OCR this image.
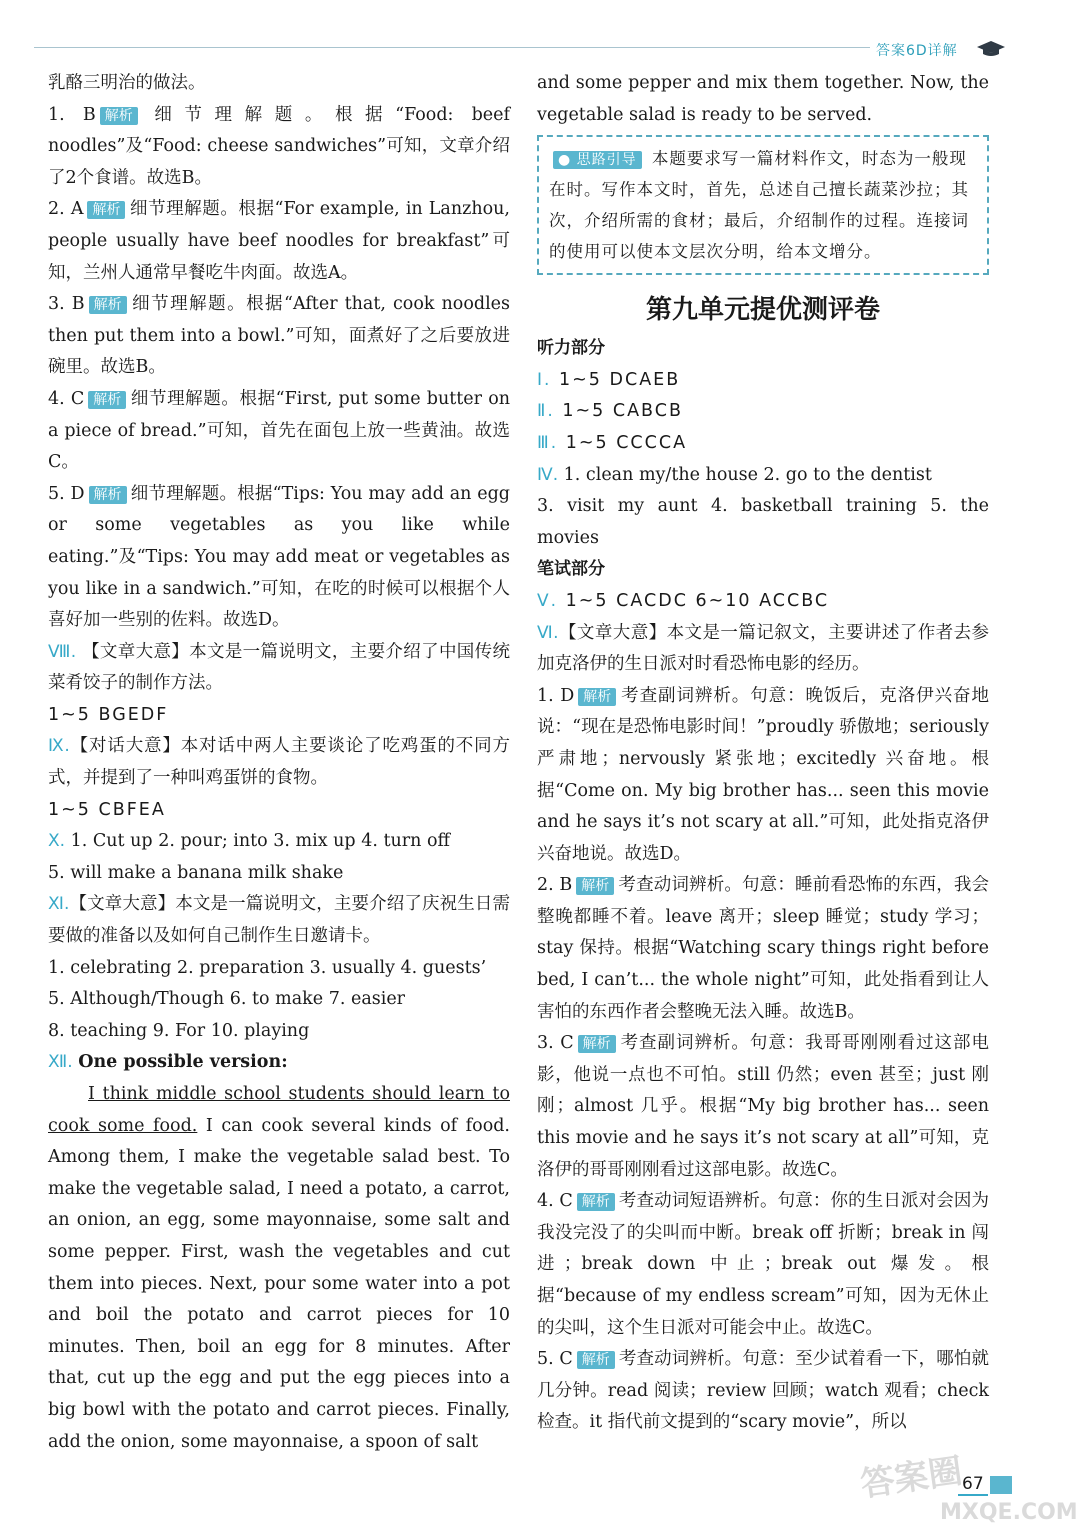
答案6D详解

乳酪三明治的做法。

1. B 解析 细节理解题。根据“Food: beef noodles”及“Food: cheese sandwiches”可知，文章介绍了2个食谱。故选B。

2. A 解析 细节理解题。根据“For example, in Lanzhou, people usually have beef noodles for breakfast”可知，兰州人通常早餐吃牛肉面。故选A。

3. B 解析 细节理解题。根据“After that, cook noodles then put them into a bowl.”可知，面煮好了之后要放进碗里。故选B。

4. C 解析 细节理解题。根据“First, put some butter on a piece of bread.”可知，首先在面包上放一些黄油。故选C。

5. D 解析 细节理解题。根据“Tips: You may add an egg or some vegetables as you like while eating.”及“Tips: You may add meat or vegetables as you like in a sandwich.”可知，在吃的时候可以根据个人喜好加一些别的佐料。故选D。

Ⅷ. 【文章大意】本文是一篇说明文，主要介绍了中国传统菜肴饺子的制作方法。

1~5 BGEDF

Ⅸ.【对话大意】本对话中两人主要谈论了吃鸡蛋的不同方式，并提到了一种叫鸡蛋饼的食物。

1~5 CBFEA

Ⅹ. 1. Cut up 2. pour; into 3. mix up 4. turn off

5. will make a banana milk shake

Ⅺ.【文章大意】本文是一篇说明文，主要介绍了庆祝生日需要做的准备以及如何自己制作生日邀请卡。

1. celebrating 2. preparation 3. usually 4. guests’

5. Although/Though 6. to make 7. easier

8. teaching 9. For 10. playing

Ⅻ. One possible version:

I think middle school students should learn to cook some food. I can cook several kinds of food. Among them, I make the vegetable salad best. To make the vegetable salad, I need a potato, a carrot, an onion, an egg, some mayonnaise, some salt and some pepper. First, wash the vegetables and cut them into pieces. Next, pour some water into a pot and boil the potato and carrot pieces for 10 minutes. Then, boil an egg for 8 minutes. After that, cut up the egg and put the egg pieces into a big bowl with the potato and carrot pieces. Finally, add the onion, some mayonnaise, a spoon of salt

and some pepper and mix them together. Now, the vegetable salad is ready to be served.

● 思路引导 本题要求写一篇材料作文，时态为一般现在时。写作本文时，首先，总述自己擅长蔬菜沙拉；其次，介绍所需的食材；最后，介绍制作的过程。连接词的使用可以使本文层次分明，给本文增分。
第九单元提优测评卷

听力部分

Ⅰ. 1~5 DCAEB

Ⅱ. 1~5 CABCB

Ⅲ. 1~5 CCCCA

Ⅳ. 1. clean my/the house 2. go to the dentist

3. visit my aunt 4. basketball training 5. the movies

笔试部分

Ⅴ. 1~5 CACDC 6~10 ACCBC

Ⅵ.【文章大意】本文是一篇记叙文，主要讲述了作者去参加克洛伊的生日派对时看恐怖电影的经历。

1. D 解析 考查副词辨析。句意：晚饭后，克洛伊兴奋地说：“现在是恐怖电影时间！”proudly 骄傲地；seriously 严肃地；nervously 紧张地；excitedly 兴奋地。根据“Come on. My big brother has... seen this movie and he says it’s not scary at all.”可知，此处指克洛伊兴奋地说。故选D。

2. B 解析 考查动词辨析。句意：睡前看恐怖的东西，我会整晚都睡不着。leave 离开；sleep 睡觉；study 学习；stay 保持。根据“Watching scary things right before bed, I can’t... the whole night”可知，此处指看到让人害怕的东西作者会整晚无法入睡。故选B。

3. C 解析 考查副词辨析。句意：我哥哥刚刚看过这部电影，他说一点也不可怕。still 仍然；even 甚至；just 刚刚；almost 几乎。根据“My big brother has... seen this movie and he says it’s not scary at all”可知，克洛伊的哥哥刚刚看过这部电影。故选C。

4. C 解析 考查动词短语辨析。句意：你的生日派对会因为我没完没了的尖叫而中断。break off 折断；break in 闯进；break down 中止；break out 爆发。根据“because of my endless scream”可知，因为无休止的尖叫，这个生日派对可能会中止。故选C。

5. C 解析 考查动词辨析。句意：至少试着看一下，哪怕就几分钟。read 阅读；review 回顾；watch 观看；check 检查。it 指代前文提到的“scary movie”，所以

答案圈
MXQE.COM
67
